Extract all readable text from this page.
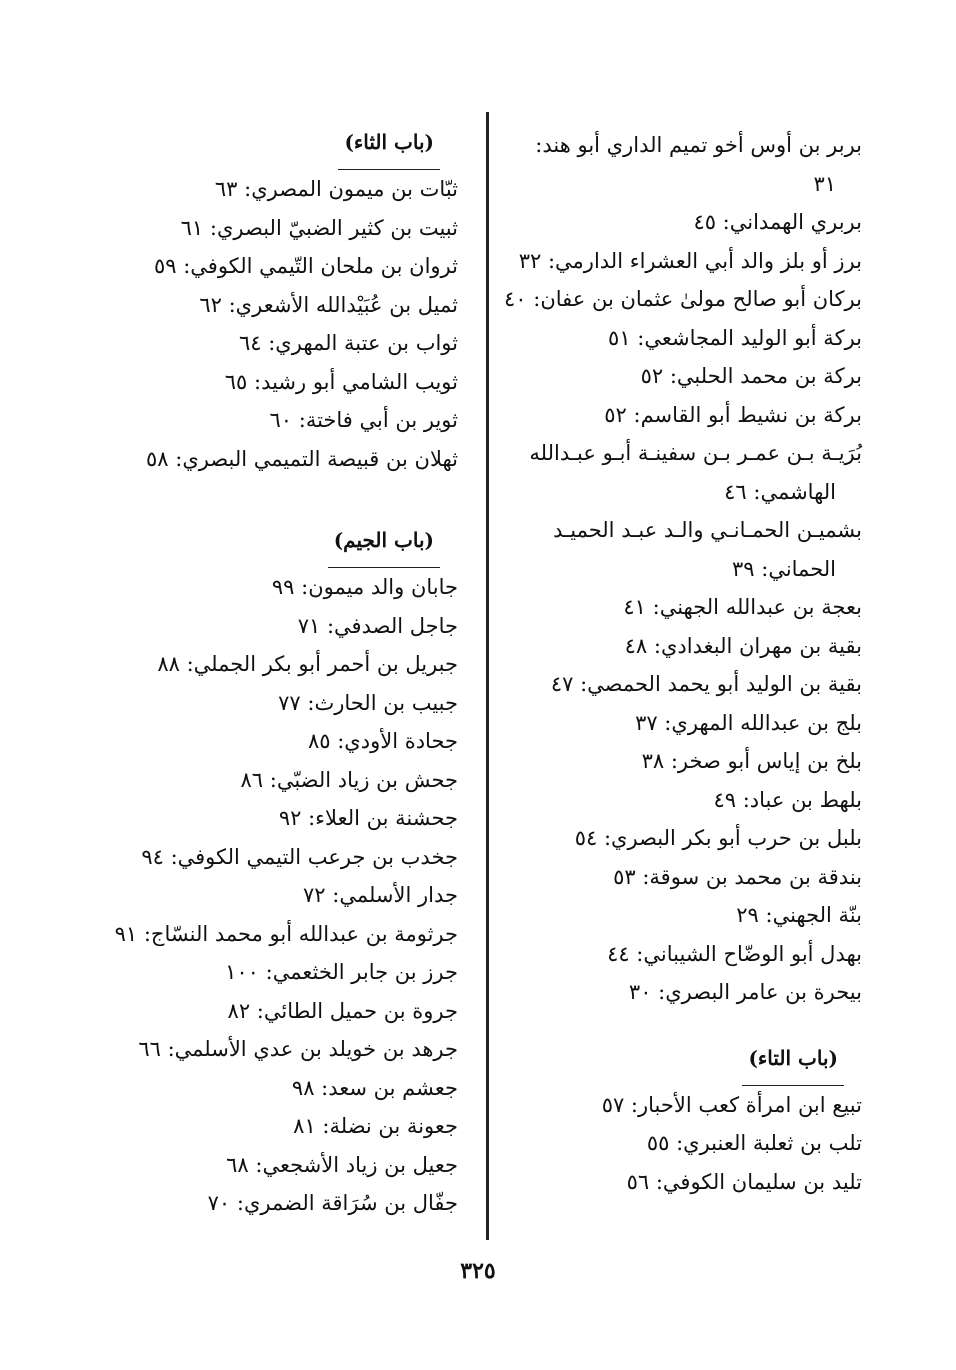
بربر بن أوس أخو تميم الداري أبو هند:
٣١
بربري الهمداني: ٤٥
برز أو بلز والد أبي العشراء الدارمي: ٣٢
بركان أبو صالح مولىٰ عثمان بن عفان: ٤٠
بركة أبو الوليد المجاشعي: ٥١
بركة بن محمد الحلبي: ٥٢
بركة بن نشيط أبو القاسم: ٥٢
بُرَيـة بـن عمـر بـن سفينـة أبـو عبـدالله
الهاشمي: ٤٦
بشميـن الحمـانـي والـد عبـد الحميـد
الحماني: ٣٩
بعجة بن عبدالله الجهني: ٤١
بقية بن مهران البغدادي: ٤٨
بقية بن الوليد أبو يحمد الحمصي: ٤٧
بلج بن عبدالله المهري: ٣٧
بلخ بن إياس أبو صخر: ٣٨
بلهط بن عباد: ٤٩
بلبل بن حرب أبو بكر البصري: ٥٤
بندقة بن محمد بن سوقة: ٥٣
بنّة الجهني: ٢٩
بهدل أبو الوضّاح الشيباني: ٤٤
بيحرة بن عامر البصري: ٣٠
(باب التاء)
تبيع ابن امرأة كعب الأحبار: ٥٧
تلب بن ثعلبة العنبري: ٥٥
تليد بن سليمان الكوفي: ٥٦
(باب الثاء)
ثبّات بن ميمون المصري: ٦٣
ثبيت بن كثير الضبيّ البصري: ٦١
ثروان بن ملحان التّيمي الكوفي: ٥٩
ثميل بن عُبَيْدالله الأشعري: ٦٢
ثواب بن عتبة المهري: ٦٤
ثويب الشامي أبو رشيد: ٦٥
ثوير بن أبي فاختة: ٦٠
ثهلان بن قبيصة التميمي البصري: ٥٨
(باب الجيم)
جابان والد ميمون: ٩٩
جاجل الصدفي: ٧١
جبريل بن أحمر أبو بكر الجملي: ٨٨
جبيب بن الحارث: ٧٧
جحادة الأودي: ٨٥
جحش بن زياد الضبّي: ٨٦
جحشنة بن العلاء: ٩٢
جخدب بن جرعب التيمي الكوفي: ٩٤
جدار الأسلمي: ٧٢
جرثومة بن عبدالله أبو محمد النسّاج: ٩١
جرز بن جابر الخثعمي: ١٠٠
جروة بن حميل الطائي: ٨٢
جرهد بن خويلد بن عدي الأسلمي: ٦٦
جعشم بن سعد: ٩٨
جعونة بن نضلة: ٨١
جعيل بن زياد الأشجعي: ٦٨
جفّال بن سُرَاقة الضمري: ٧٠
٣٢٥
